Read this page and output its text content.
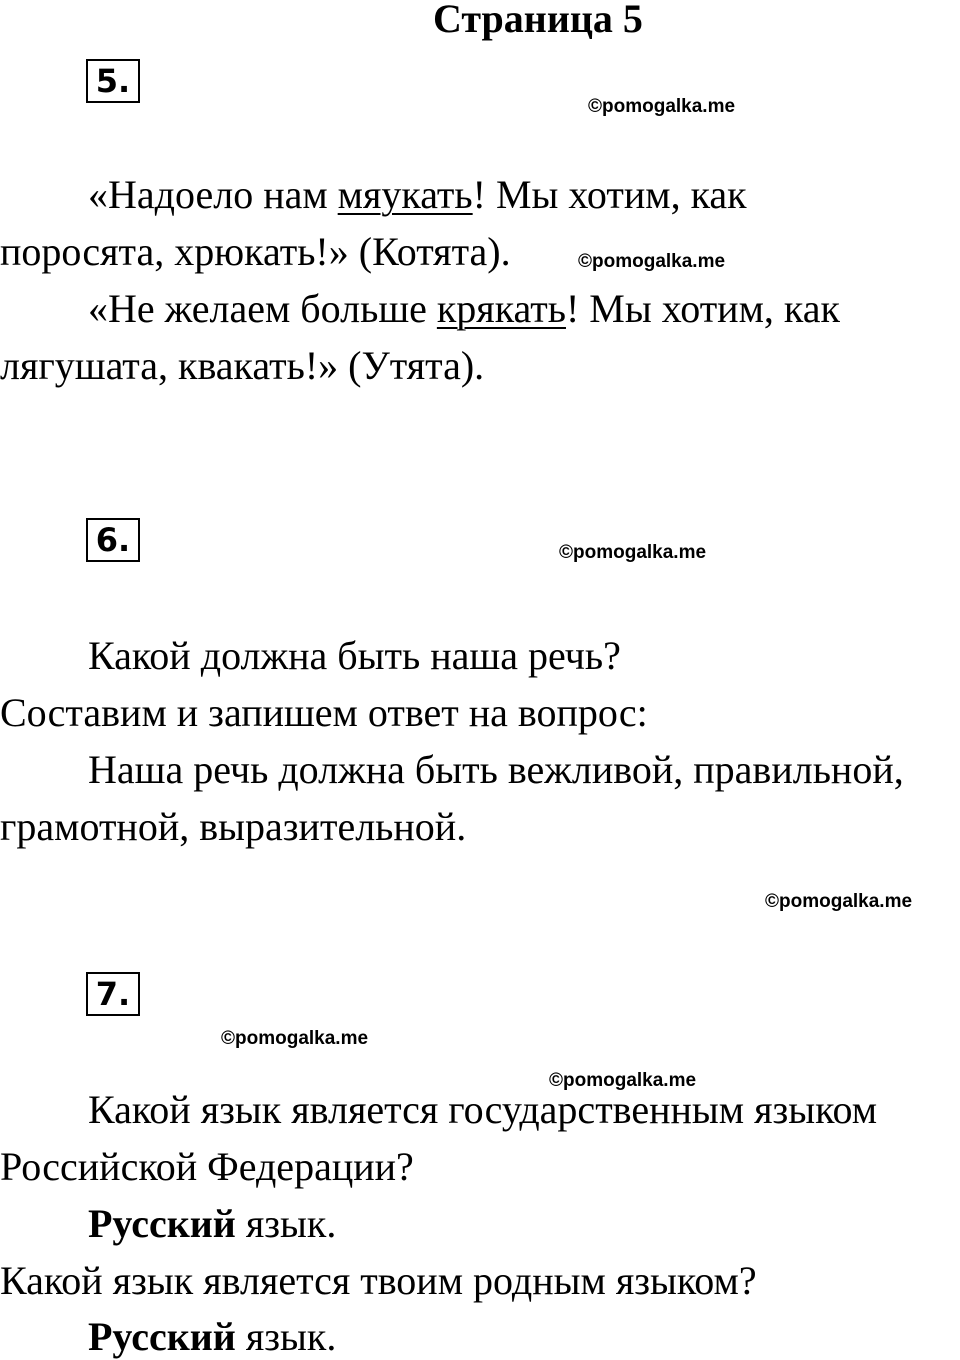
Страница 5
5.
©pomogalka.me
«Надоело нам мяукать! Мы хотим, как
поросята, хрюкать!» (Котята).	©pomogalka.me
«Не желаем больше крякать! Мы хотим, как
лягушата, квакать!» (Утята).
6.	©pomogalka.me
Какой должна быть наша речь?
Составим и запишем ответ на вопрос:
Наша речь должна быть вежливой, правильной,
грамотной, выразительной.
©pomogalka.me
7.
©pomogalka.me
©pomogalka.me
Какой язык является государственным языком
Российской Федерации?
Русский язык.
Какой язык является твоим родным языком?
Русский язык.
